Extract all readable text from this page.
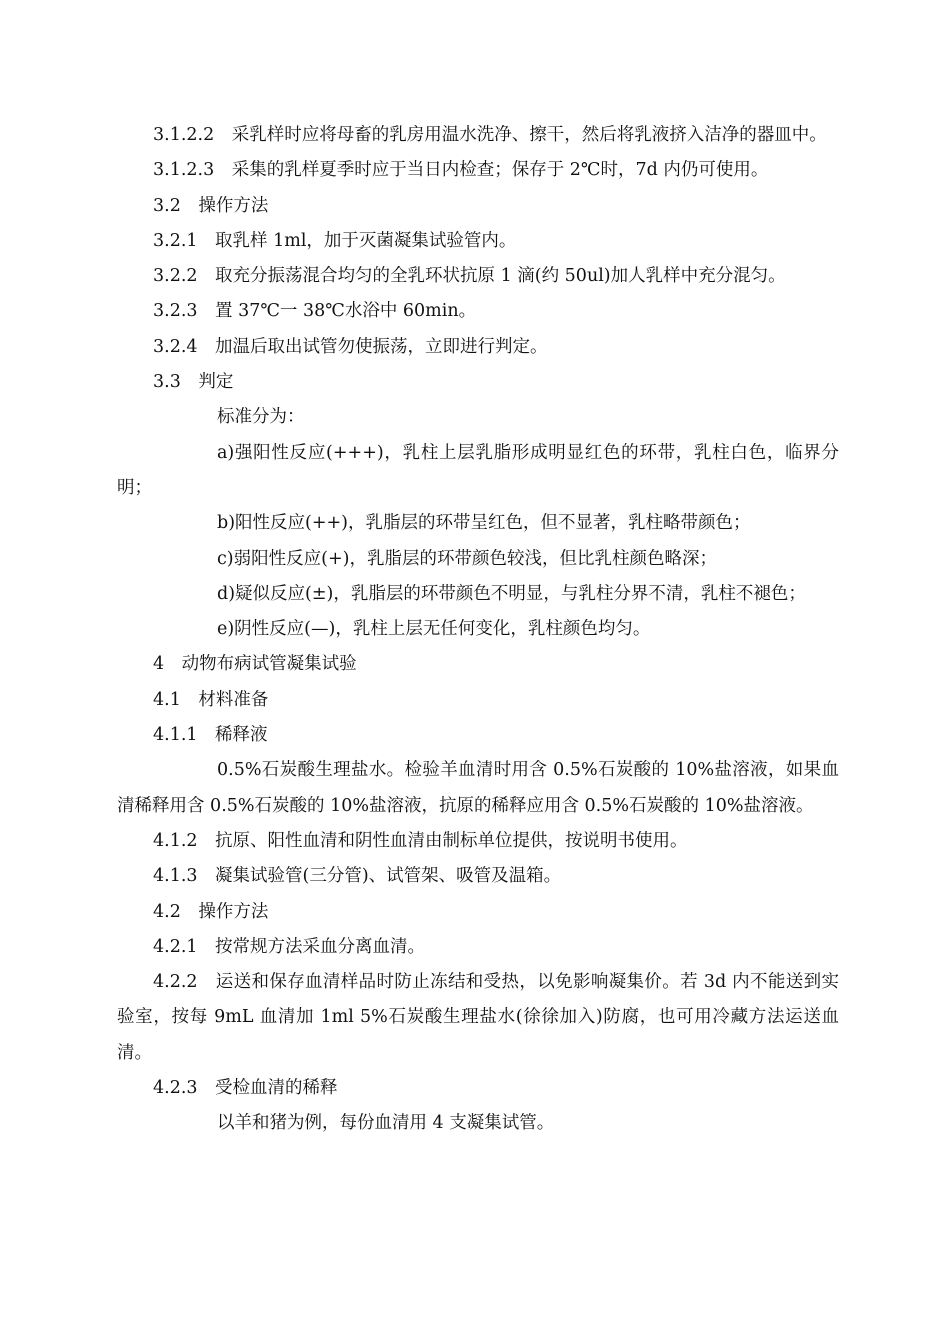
3.1.2.2　采乳样时应将母畜的乳房用温水洗净、擦干，然后将乳液挤入洁净的器皿中。

3.1.2.3　采集的乳样夏季时应于当日内检查；保存于 2℃时，7d 内仍可使用。

3.2　操作方法

3.2.1　取乳样 1ml，加于灭菌凝集试验管内。

3.2.2　取充分振荡混合均匀的全乳环状抗原 1 滴(约 50ul)加人乳样中充分混匀。

3.2.3　置 37℃一 38℃水浴中 60min。

3.2.4　加温后取出试管勿使振荡，立即进行判定。

3.3　判定

标准分为：

a)强阳性反应(+++)，乳柱上层乳脂形成明显红色的环带，乳柱白色，临界分明；

b)阳性反应(++)，乳脂层的环带呈红色，但不显著，乳柱略带颜色；

c)弱阳性反应(+)，乳脂层的环带颜色较浅，但比乳柱颜色略深；

d)疑似反应(±)，乳脂层的环带颜色不明显，与乳柱分界不清，乳柱不褪色；

e)阴性反应(—)，乳柱上层无任何变化，乳柱颜色均匀。

4　动物布病试管凝集试验

4.1　材料准备

4.1.1　稀释液

0.5%石炭酸生理盐水。检验羊血清时用含 0.5%石炭酸的 10%盐溶液，如果血清稀释用含 0.5%石炭酸的 10%盐溶液，抗原的稀释应用含 0.5%石炭酸的 10%盐溶液。

4.1.2　抗原、阳性血清和阴性血清由制标单位提供，按说明书使用。

4.1.3　凝集试验管(三分管)、试管架、吸管及温箱。

4.2　操作方法

4.2.1　按常规方法采血分离血清。

4.2.2　运送和保存血清样品时防止冻结和受热，以免影响凝集价。若 3d 内不能送到实验室，按每 9mL 血清加 1ml 5%石炭酸生理盐水(徐徐加入)防腐，也可用冷藏方法运送血清。

4.2.3　受检血清的稀释

以羊和猪为例，每份血清用 4 支凝集试管。
